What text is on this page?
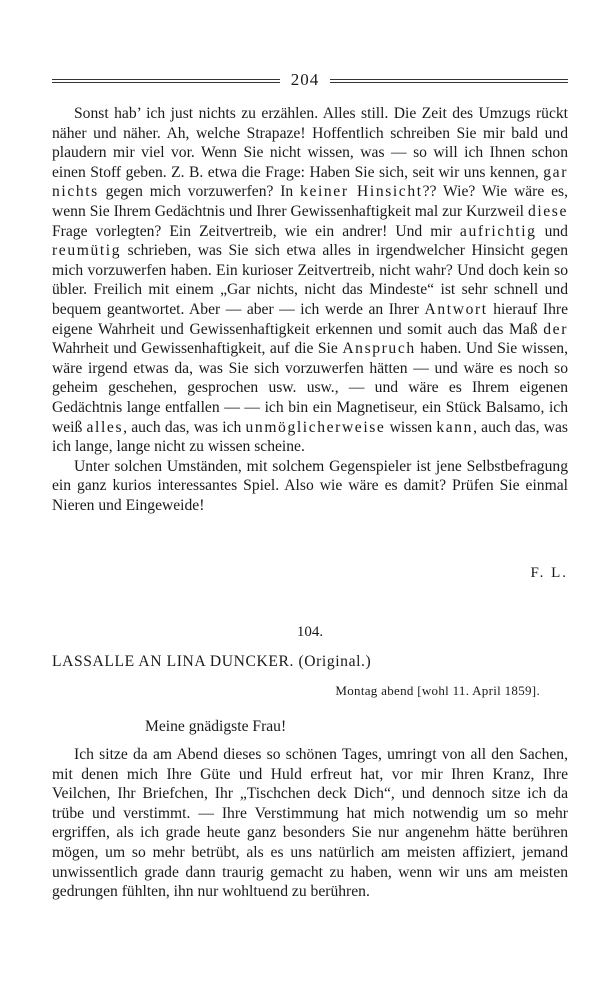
204

Sonst hab’ ich just nichts zu erzählen. Alles still. Die Zeit des Umzugs rückt näher und näher. Ah, welche Strapaze! Hoffentlich schreiben Sie mir bald und plaudern mir viel vor. Wenn Sie nicht wissen, was — so will ich Ihnen schon einen Stoff geben. Z. B. etwa die Frage: Haben Sie sich, seit wir uns kennen, gar nichts gegen mich vorzuwerfen? In keiner Hinsicht?? Wie? Wie wäre es, wenn Sie Ihrem Gedächtnis und Ihrer Gewissenhaftigkeit mal zur Kurzweil diese Frage vorlegten? Ein Zeitvertreib, wie ein andrer! Und mir aufrichtig und reumütig schrieben, was Sie sich etwa alles in irgendwelcher Hinsicht gegen mich vorzuwerfen haben. Ein kurioser Zeitvertreib, nicht wahr? Und doch kein so übler. Freilich mit einem „Gar nichts, nicht das Mindeste“ ist sehr schnell und bequem geantwortet. Aber — aber — ich werde an Ihrer Antwort hierauf Ihre eigene Wahrheit und Gewissenhaftigkeit erkennen und somit auch das Maß der Wahrheit und Gewissenhaftigkeit, auf die Sie Anspruch haben. Und Sie wissen, wäre irgend etwas da, was Sie sich vorzuwerfen hätten — und wäre es noch so geheim geschehen, gesprochen usw. usw., — und wäre es Ihrem eigenen Gedächtnis lange entfallen — — ich bin ein Magnetiseur, ein Stück Balsamo, ich weiß alles, auch das, was ich unmöglicherweise wissen kann, auch das, was ich lange, lange nicht zu wissen scheine.

Unter solchen Umständen, mit solchem Gegenspieler ist jene Selbstbefragung ein ganz kurios interessantes Spiel. Also wie wäre es damit? Prüfen Sie einmal Nieren und Eingeweide!

F. L.
104.
LASSALLE AN LINA DUNCKER. (Original.)
Montag abend [wohl 11. April 1859].
Meine gnädigste Frau!

Ich sitze da am Abend dieses so schönen Tages, umringt von all den Sachen, mit denen mich Ihre Güte und Huld erfreut hat, vor mir Ihren Kranz, Ihre Veilchen, Ihr Briefchen, Ihr „Tischchen deck Dich“, und dennoch sitze ich da trübe und verstimmt. — Ihre Verstimmung hat mich notwendig um so mehr ergriffen, als ich grade heute ganz besonders Sie nur angenehm hätte berühren mögen, um so mehr betrübt, als es uns natürlich am meisten affiziert, jemand unwissentlich grade dann traurig gemacht zu haben, wenn wir uns am meisten gedrungen fühlten, ihn nur wohltuend zu berühren.
